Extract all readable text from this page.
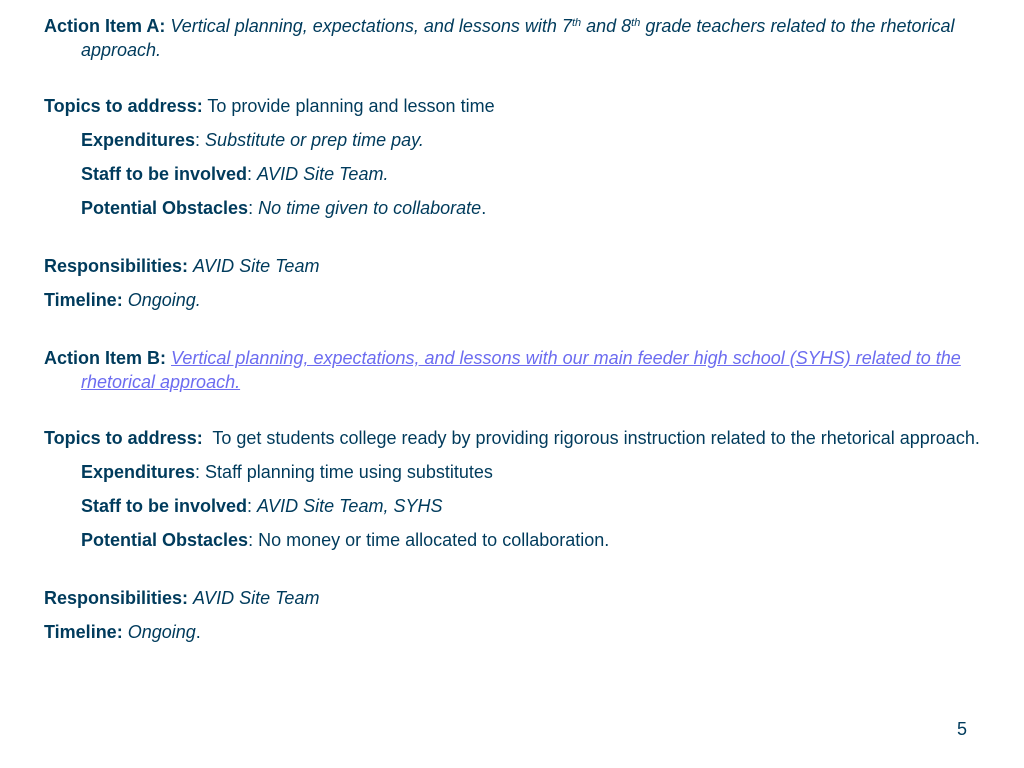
Action Item A: Vertical planning, expectations, and lessons with 7th and 8th grade teachers related to the rhetorical approach.

Topics to address: To provide planning and lesson time

Expenditures: Substitute or prep time pay.

Staff to be involved: AVID Site Team.

Potential Obstacles: No time given to collaborate.

Responsibilities: AVID Site Team

Timeline: Ongoing.

Action Item B: Vertical planning, expectations, and lessons with our main feeder high school (SYHS) related to the rhetorical approach.

Topics to address: To get students college ready by providing rigorous instruction related to the rhetorical approach.

Expenditures: Staff planning time using substitutes

Staff to be involved: AVID Site Team, SYHS

Potential Obstacles: No money or time allocated to collaboration.

Responsibilities: AVID Site Team

Timeline: Ongoing.

5
